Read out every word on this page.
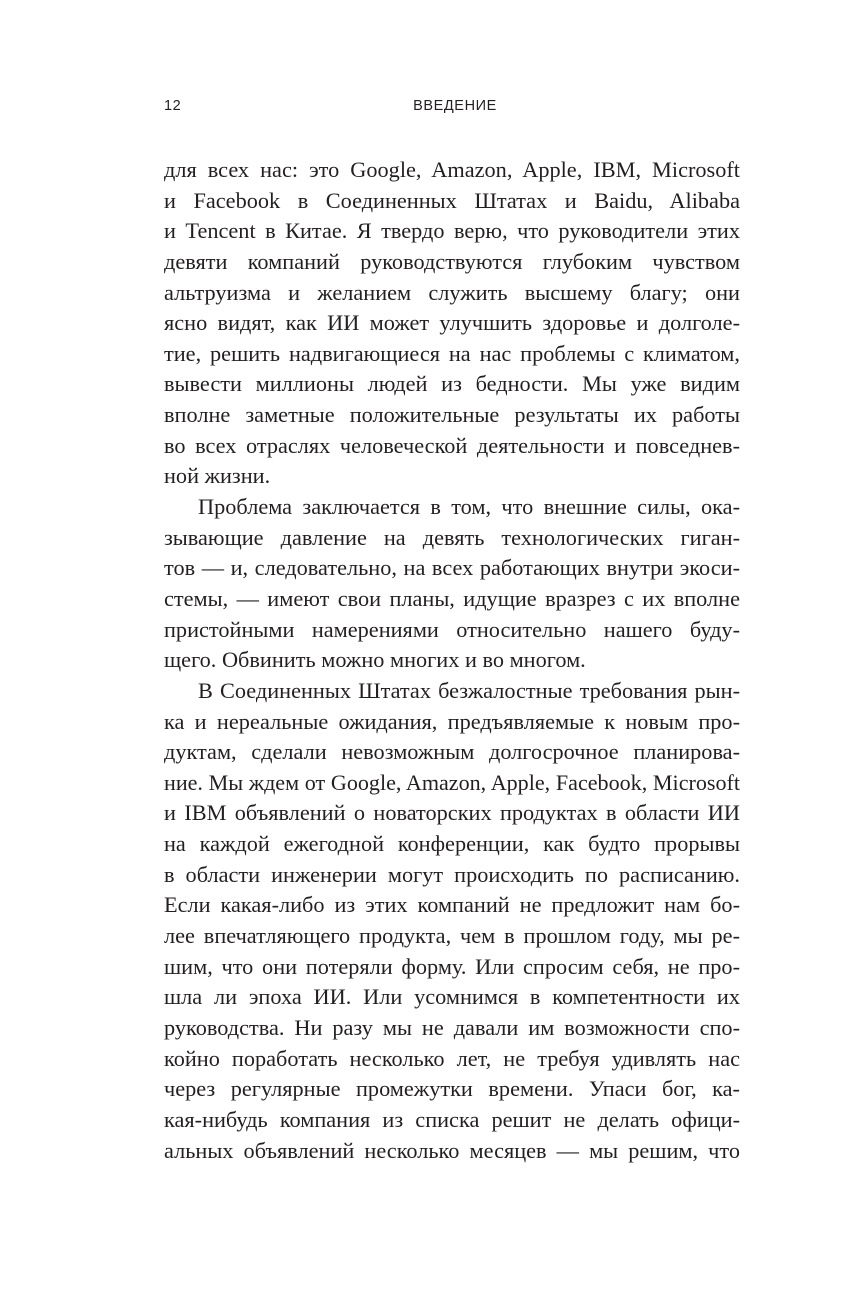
12	ВВЕДЕНИЕ
для всех нас: это Google, Amazon, Apple, IBM, Microsoft
и Facebook в Соединенных Штатах и Baidu, Alibaba
и Tencent в Китае. Я твердо верю, что руководители этих
девяти компаний руководствуются глубоким чувством
альтруизма и желанием служить высшему благу; они
ясно видят, как ИИ может улучшить здоровье и долголе-
тие, решить надвигающиеся на нас проблемы с климатом,
вывести миллионы людей из бедности. Мы уже видим
вполне заметные положительные результаты их работы
во всех отраслях человеческой деятельности и повседнев-
ной жизни.
Проблема заключается в том, что внешние силы, ока-
зывающие давление на девять технологических гиган-
тов — и, следовательно, на всех работающих внутри экоси-
стемы, — имеют свои планы, идущие вразрез с их вполне
пристойными намерениями относительно нашего буду-
щего. Обвинить можно многих и во многом.
В Соединенных Штатах безжалостные требования рын-
ка и нереальные ожидания, предъявляемые к новым про-
дуктам, сделали невозможным долгосрочное планирова-
ние. Мы ждем от Google, Amazon, Apple, Facebook, Microsoft
и IBM объявлений о новаторских продуктах в области ИИ
на каждой ежегодной конференции, как будто прорывы
в области инженерии могут происходить по расписанию.
Если какая-либо из этих компаний не предложит нам бо-
лее впечатляющего продукта, чем в прошлом году, мы ре-
шим, что они потеряли форму. Или спросим себя, не про-
шла ли эпоха ИИ. Или усомнимся в компетентности их
руководства. Ни разу мы не давали им возможности спо-
койно поработать несколько лет, не требуя удивлять нас
через регулярные промежутки времени. Упаси бог, ка-
кая-нибудь компания из списка решит не делать офици-
альных объявлений несколько месяцев — мы решим, что
